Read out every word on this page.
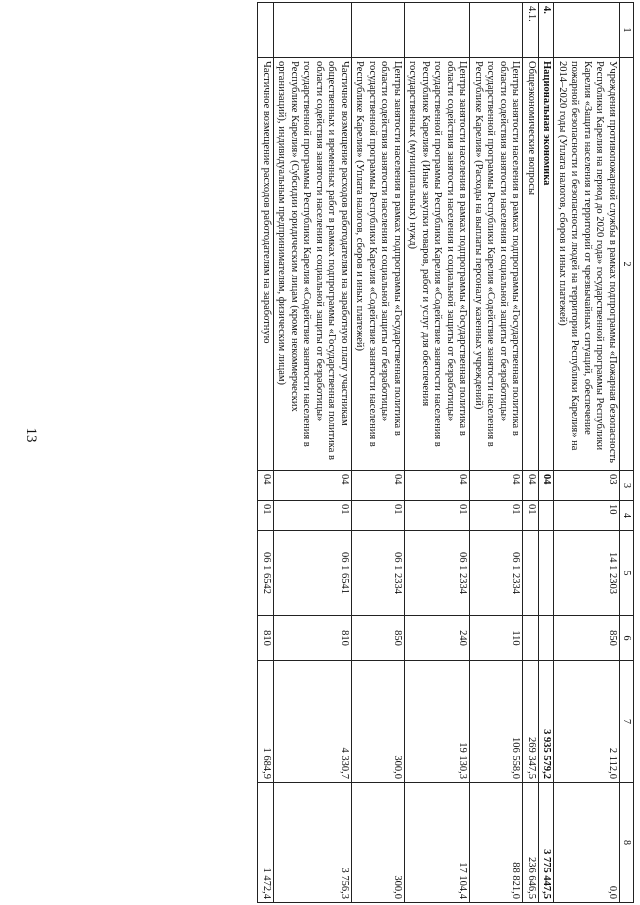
13
1	2	3	4	5	6	7	8
	Учреждения противопожарной службы в рамках подпрограммы «Пожарная безопасность Республики Карелия на период до 2020 года» государственной программы Республики Карелия «Защита населения и территорий от чрезвычайных ситуаций, обеспечение пожарной безопасности и безопасности людей на территории Республики Карелия» на 2014–2020 годы (Уплата налогов, сборов и иных платежей)	03	10	14 1 2303	850	2 112,0	0,0
4.	Национальная экономика	04				3 935 579,2	3 775 447,5
4.1.	Общеэкономические вопросы	04	01			269 347,5	236 646,5
	Центры занятости населения в рамках подпрограммы «Государственная политика в области содействия занятости населения и социальной защиты от безработицы» государственной программы Республики Карелия «Содействие занятости населения в Республике Карелия» (Расходы на выплаты персоналу казенных учреждений)	04	01	06 1 2334	110	106 558,0	88 821,0
	Центры занятости населения в рамках подпрограммы «Государственная политика в области содействия занятости населения и социальной защиты от безработицы» государственной программы Республики Карелия «Содействие занятости населения в Республике Карелия» (Иные закупки товаров, работ и услуг для обеспечения государственных (муниципальных) нужд)	04	01	06 1 2334	240	19 130,3	17 104,4
	Центры занятости населения в рамках подпрограммы «Государственная политика в области содействия занятости населения и социальной защиты от безработицы» государственной программы Республики Карелия «Содействие занятости населения в Республике Карелия» (Уплата налогов, сборов и иных платежей)	04	01	06 1 2334	850	300,0	300,0
	Частичное возмещение расходов работодателям на заработную плату участникам общественных и временных работ в рамках подпрограммы «Государственная политика в области содействия занятости населения и социальной защиты от безработицы» государственной программы Республики Карелия «Содействие занятости населения в Республике Карелия» (Субсидии юридическим лицам (кроме некоммерческих организаций), индивидуальным предпринимателям, физическим лицам)	04	01	06 1 6541	810	4 330,7	3 756,3
	Частичное возмещение расходов работодателям на заработную	04	01	06 1 6542	810	1 684,9	1 472,4
